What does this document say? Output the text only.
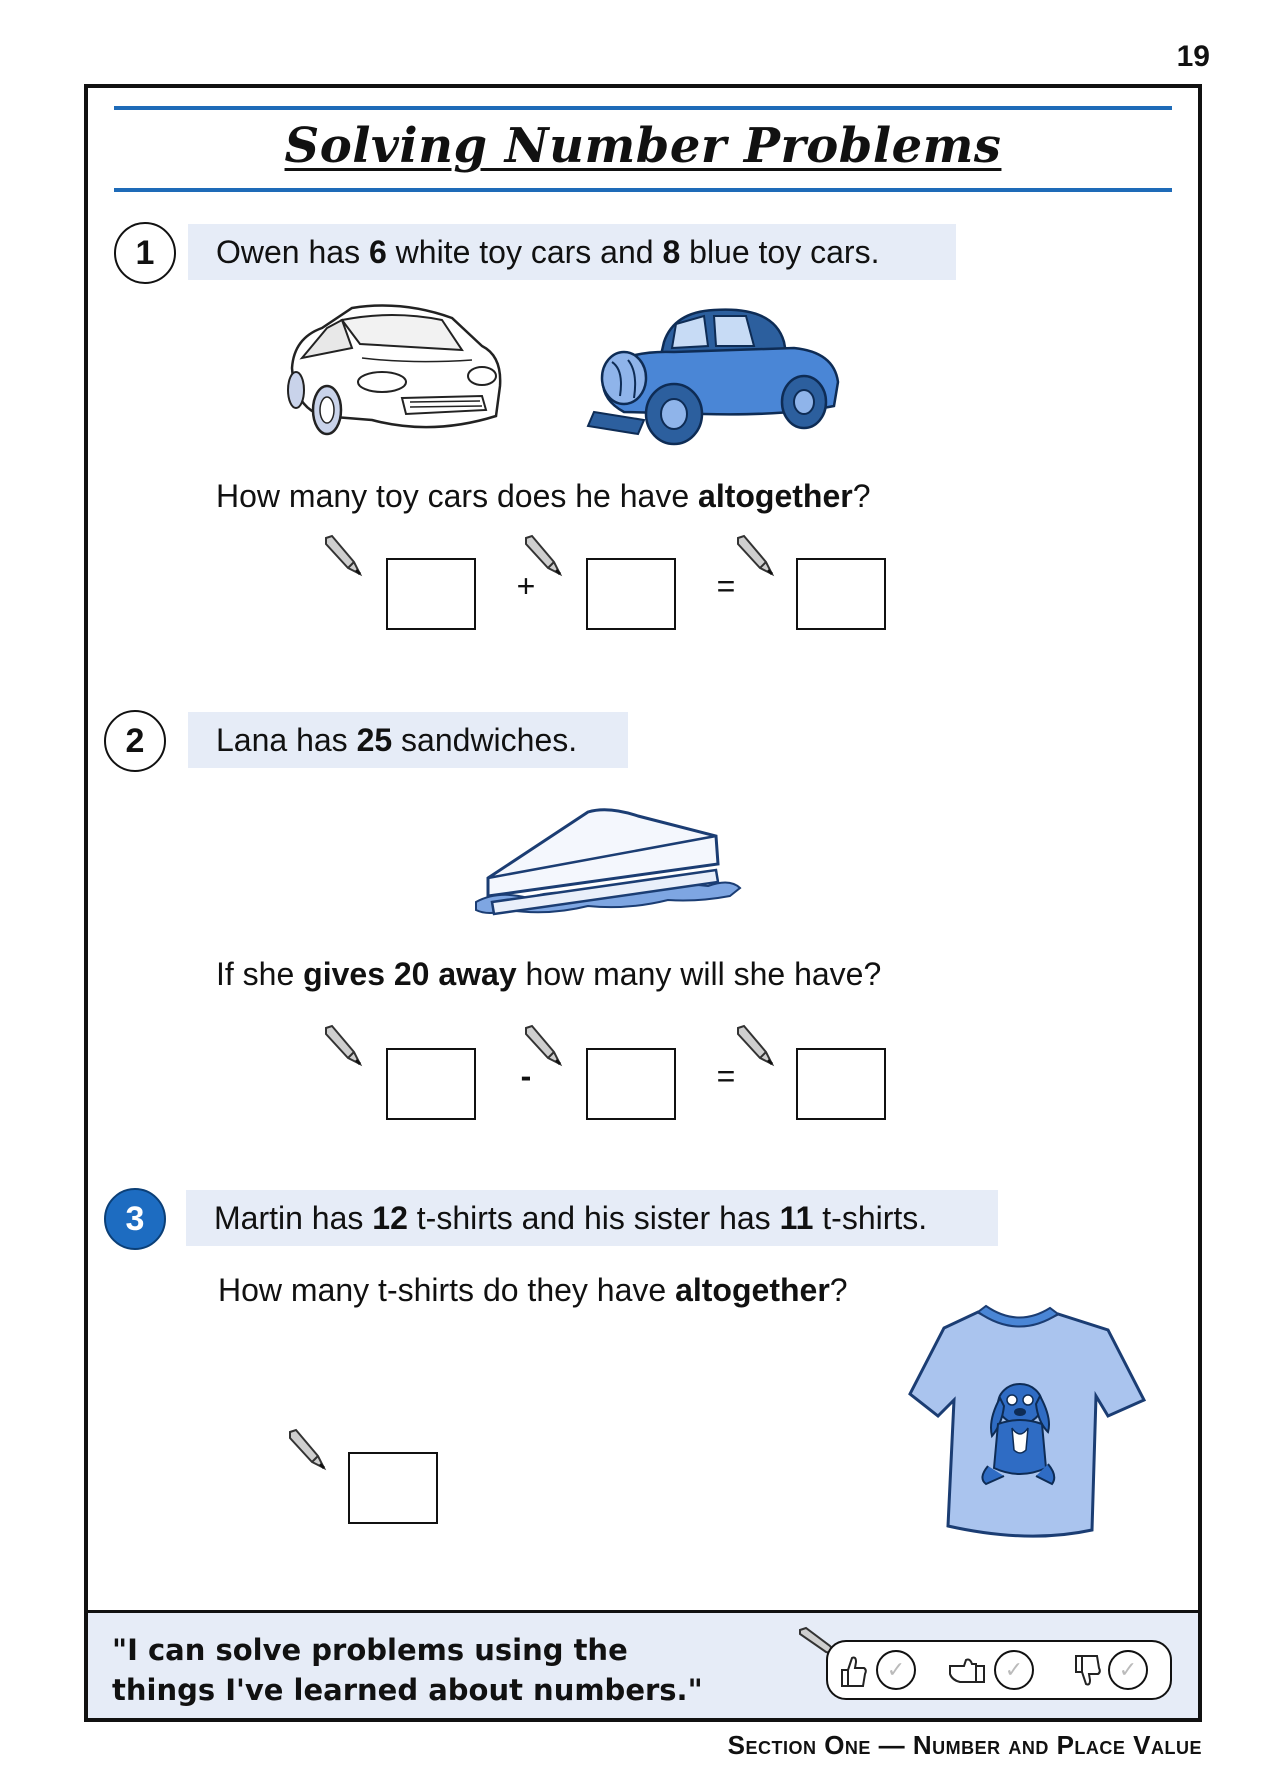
19
Solving Number Problems
1	Owen has 6 white toy cars and 8 blue toy cars.
How many toy cars does he have altogether?
+	=
2	Lana has 25 sandwiches.
If she gives 20 away how many will she have?
-	=
3	Martin has 12 t-shirts and his sister has 11 t-shirts.
How many t-shirts do they have altogether?
"I can solve problems using the
things I've learned about numbers."
✓	✓	✓
Section One — Number and Place Value
